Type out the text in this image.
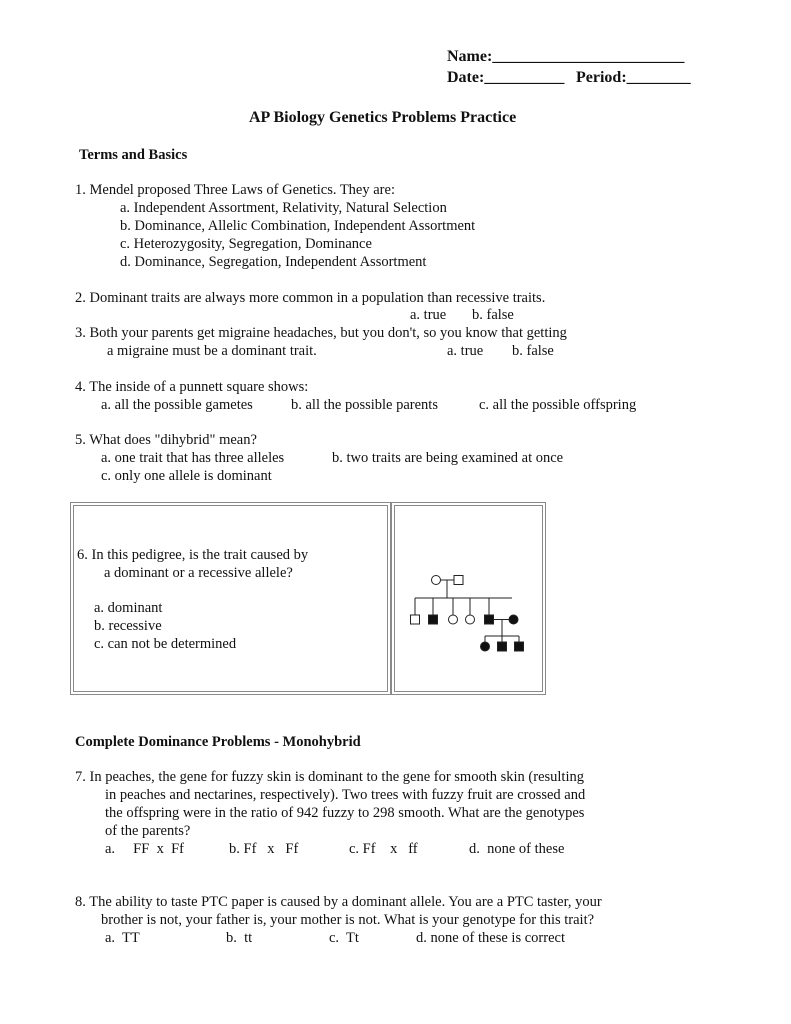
Name:________________________
Date:__________ Period:________
AP Biology Genetics Problems Practice
Terms and Basics
1. Mendel proposed Three Laws of Genetics. They are:
a. Independent Assortment, Relativity, Natural Selection
b. Dominance, Allelic Combination, Independent Assortment
c. Heterozygosity, Segregation, Dominance
d. Dominance, Segregation, Independent Assortment
2. Dominant traits are always more common in a population than recessive traits.
a. true b. false
3. Both your parents get migraine headaches, but you don't, so you know that getting
a migraine must be a dominant trait.	a. true b. false
4. The inside of a punnett square shows:
a. all the possible gametes	b. all the possible parents	c. all the possible offspring
5. What does "dihybrid" mean?
a. one trait that has three alleles	b. two traits are being examined at once
c. only one allele is dominant
6. In this pedigree, is the trait caused by
a dominant or a recessive allele?
a. dominant
b. recessive
c. can not be determined
Complete Dominance Problems - Monohybrid
7. In peaches, the gene for fuzzy skin is dominant to the gene for smooth skin (resulting
in peaches and nectarines, respectively). Two trees with fuzzy fruit are crossed and
the offspring were in the ratio of 942 fuzzy to 298 smooth. What are the genotypes
of the parents?
a.     FF  x  Ff	b. Ff   x   Ff	c. Ff    x   ff	d.  none of these
8. The ability to taste PTC paper is caused by a dominant allele. You are a PTC taster, your
brother is not, your father is, your mother is not. What is your genotype for this trait?
a.  TT	b.  tt	c.  Tt	d. none of these is correct
